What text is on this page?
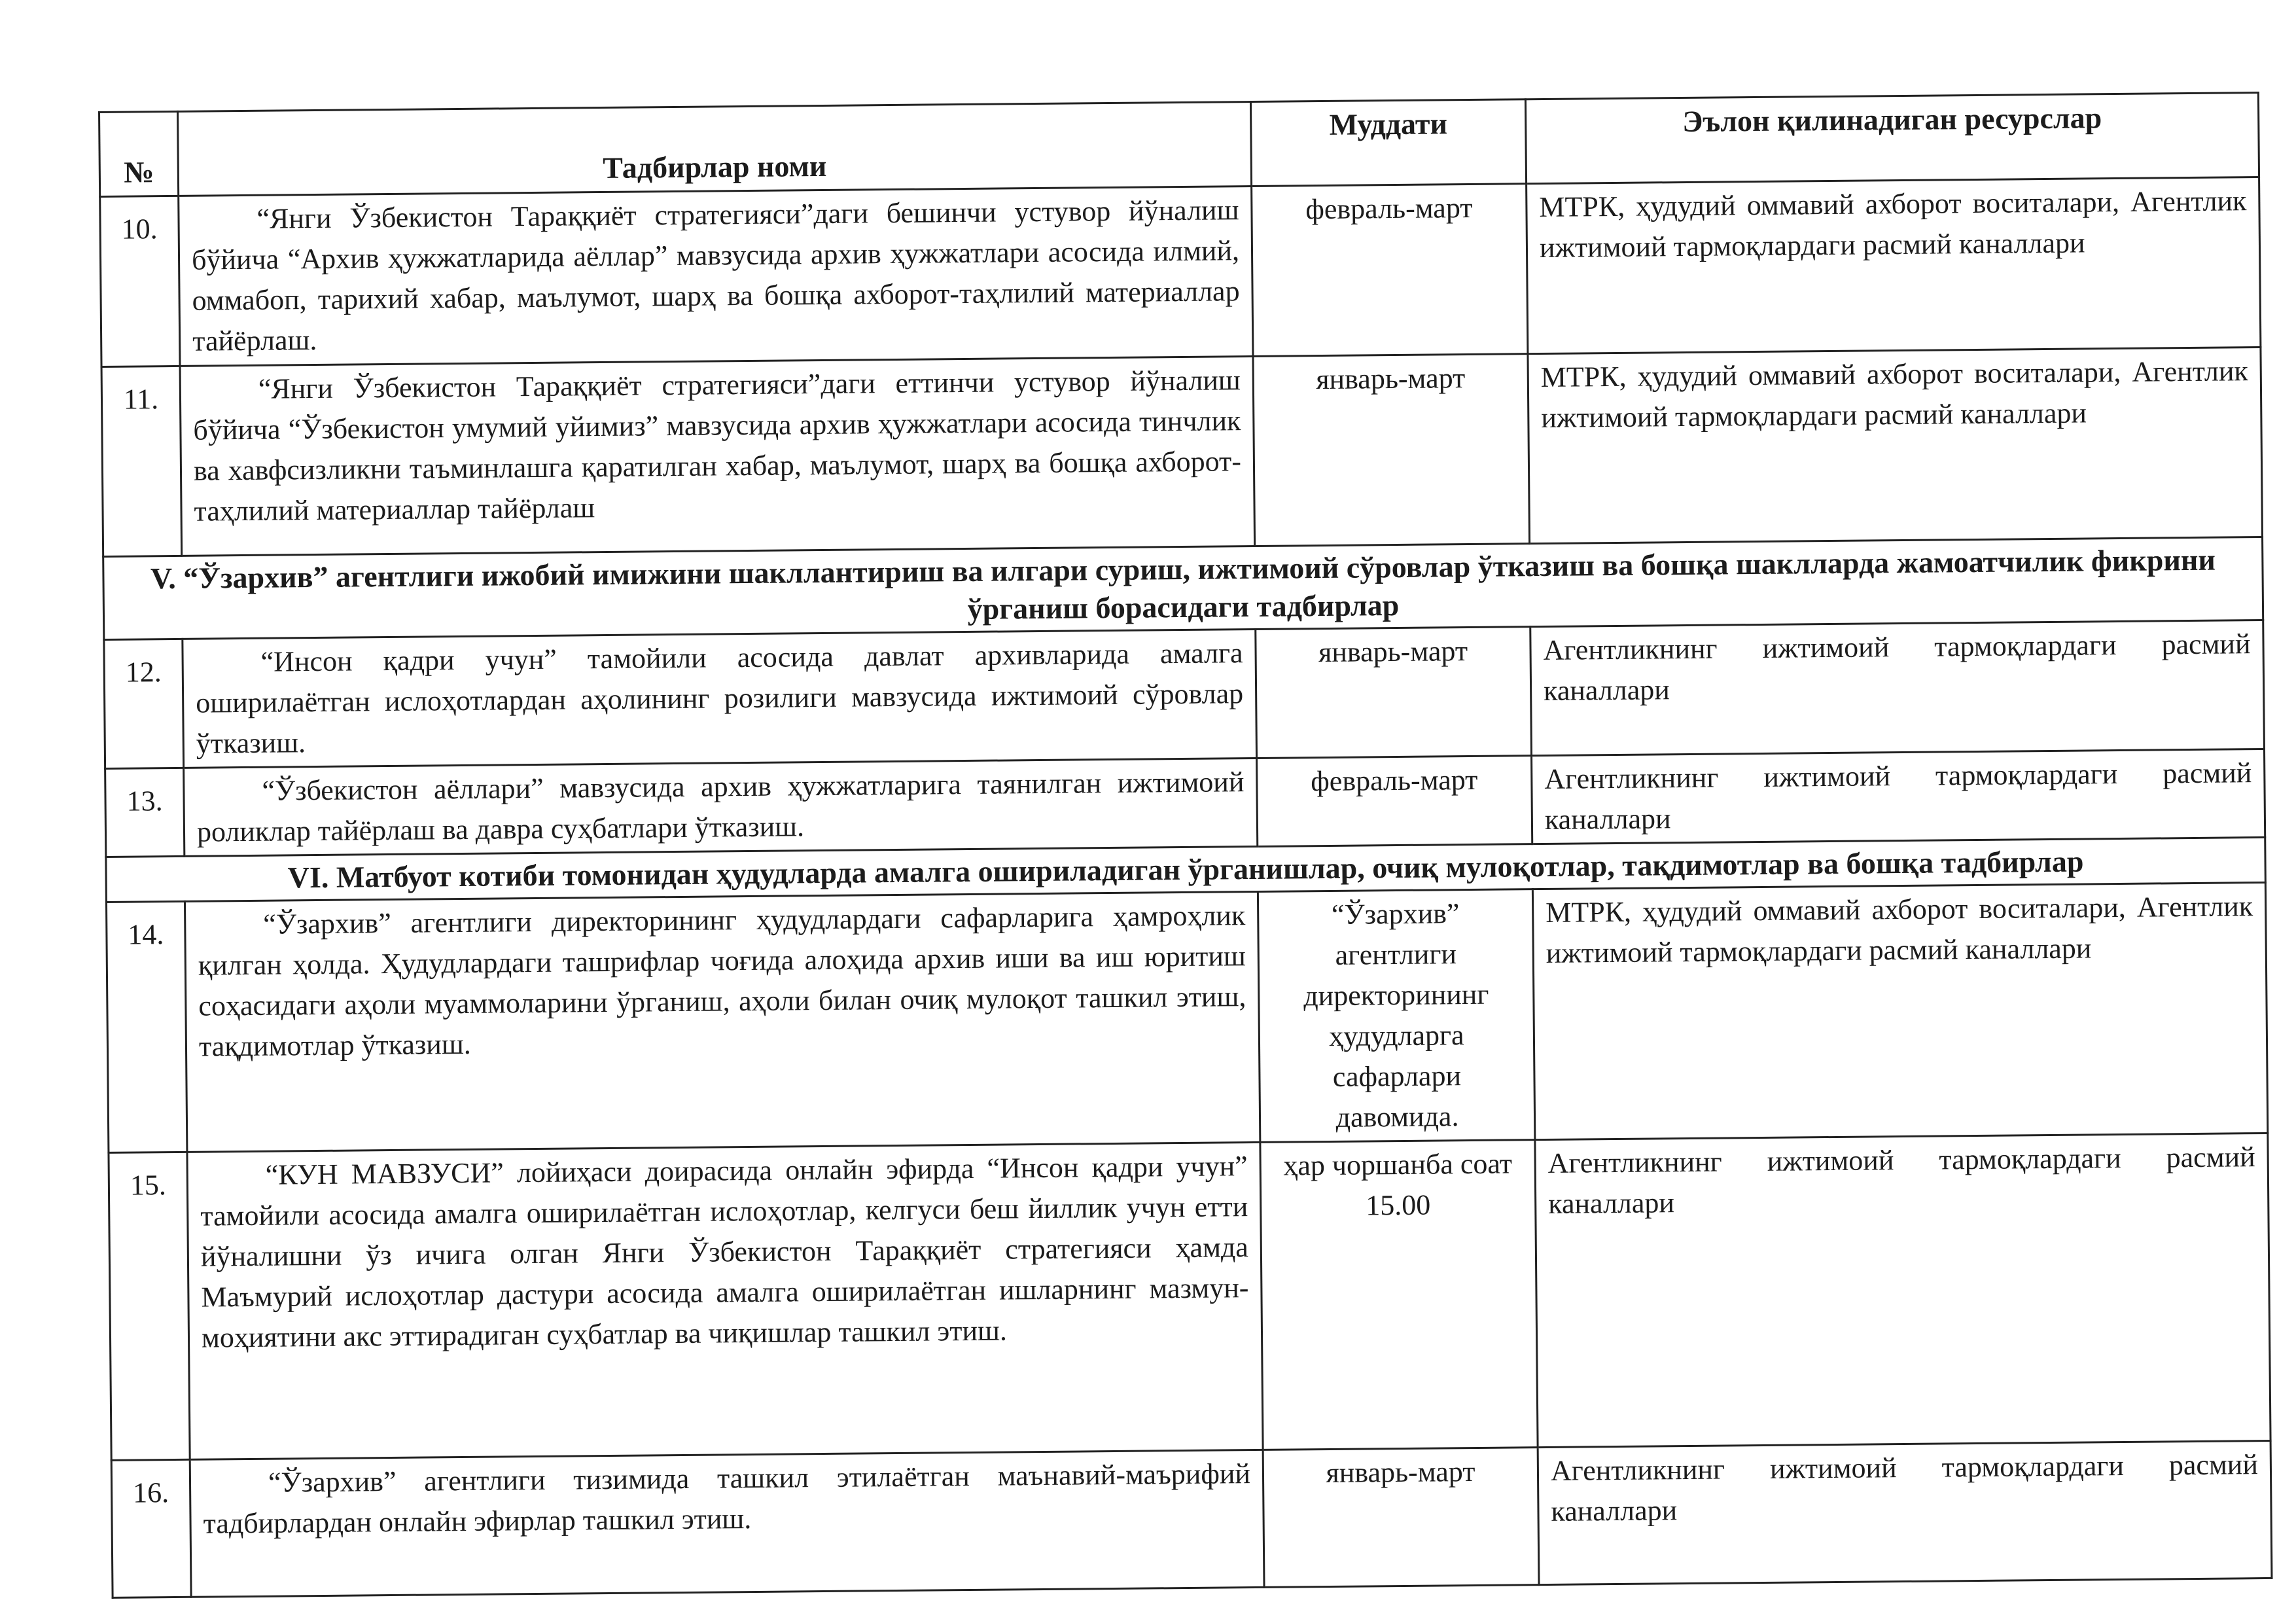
№	Тадбирлар номи	Муддати	Эълон қилинадиган ресурслар
10.	“Янги Ўзбекистон Тараққиёт стратегияси”даги бешинчи устувор йўналиш бўйича “Архив ҳужжатларида аёллар” мавзусида архив ҳужжатлари асосида илмий, оммабоп, тарихий хабар, маълумот, шарҳ ва бошқа ахборот-таҳлилий материаллар тайёрлаш.	февраль-март	МТРК, ҳудудий оммавий ахборот воситалари, Агентлик ижтимоий тармоқлардаги расмий каналлари
11.	“Янги Ўзбекистон Тараққиёт стратегияси”даги еттинчи устувор йўналиш бўйича “Ўзбекистон умумий уйимиз” мавзусида архив ҳужжатлари асосида тинчлик ва хавфсизликни таъминлашга қаратилган хабар, маълумот, шарҳ ва бошқа ахборот-таҳлилий материаллар тайёрлаш	январь-март	МТРК, ҳудудий оммавий ахборот воситалари, Агентлик ижтимоий тармоқлардаги расмий каналлари
V. “Ўзархив” агентлиги ижобий имижини шакллантириш ва илгари суриш, ижтимоий сўровлар ўтказиш ва бошқа шаклларда жамоатчилик фикрини ўрганиш борасидаги тадбирлар			
12.	“Инсон қадри учун” тамойили асосида давлат архивларида амалга оширилаётган ислоҳотлардан аҳолининг розилиги мавзусида ижтимоий сўровлар ўтказиш.	январь-март	Агентликнинг ижтимоий тармоқлардаги расмий каналлари
13.	“Ўзбекистон аёллари” мавзусида архив ҳужжатларига таянилган ижтимоий роликлар тайёрлаш ва давра суҳбатлари ўтказиш.	февраль-март	Агентликнинг ижтимоий тармоқлардаги расмий каналлари
VI. Матбуот котиби томонидан ҳудудларда амалга ошириладиган ўрганишлар, очиқ мулоқотлар, тақдимотлар ва бошқа тадбирлар			
14.	“Ўзархив” агентлиги директорининг ҳудудлардаги сафарларига ҳамроҳлик қилган ҳолда. Ҳудудлардаги ташрифлар чоғида алоҳида архив иши ва иш юритиш соҳасидаги аҳоли муаммоларини ўрганиш, аҳоли билан очиқ мулоқот ташкил этиш, тақдимотлар ўтказиш.	“Ўзархив” агентлиги директорининг ҳудудларга сафарлари давомида.	МТРК, ҳудудий оммавий ахборот воситалари, Агентлик ижтимоий тармоқлардаги расмий каналлари
15.	“КУН МАВЗУСИ” лойиҳаси доирасида онлайн эфирда “Инсон қадри учун” тамойили асосида амалга оширилаётган ислоҳотлар, келгуси беш йиллик учун етти йўналишни ўз ичига олган Янги Ўзбекистон Тараққиёт стратегияси ҳамда Маъмурий ислоҳотлар дастури асосида амалга оширилаётган ишларнинг мазмун-моҳиятини акс эттирадиган суҳбатлар ва чиқишлар ташкил этиш.	ҳар чоршанба соат 15.00	Агентликнинг ижтимоий тармоқлардаги расмий каналлари
16.	“Ўзархив” агентлиги тизимида ташкил этилаётган маънавий-маърифий тадбирлардан онлайн эфирлар ташкил этиш.	январь-март	Агентликнинг ижтимоий тармоқлардаги расмий каналлари
